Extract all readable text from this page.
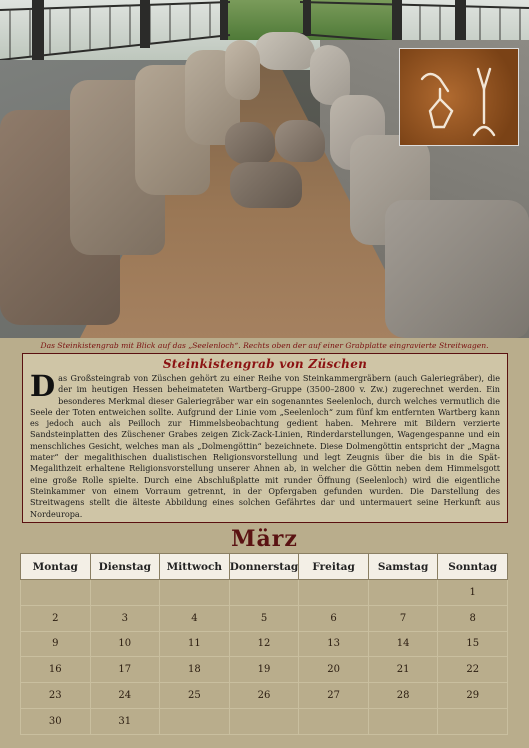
Das Steinkistengrab mit Blick auf das „Seelenloch“. Rechts oben der auf einer Grabplatte eingravierte Streitwagen.
Steinkistengrab von Züschen
Das Großsteingrab von Züschen gehört zu einer Reihe von Steinkammergräbern (auch Galeriegräber), die der im heutigen Hessen beheimateten Wartberg–Gruppe (3500–2800 v. Zw.) zugerechnet werden. Ein besonderes Merkmal dieser Galeriegräber war ein sogenanntes Seelenloch, durch welches vermutlich die Seele der Toten entweichen sollte. Aufgrund der Linie vom „Seelenloch“ zum fünf km entfernten Wartberg kann es jedoch auch als Peilloch zur Himmelsbeobachtung gedient haben. Mehrere mit Bildern verzierte Sandsteinplatten des Züschener Grabes zeigen Zick-Zack-Linien, Rinderdarstellungen, Wagengespanne und ein menschliches Gesicht, welches man als „Dolmengöttin“ bezeichnete. Diese Dolmengöttin entspricht der „Magna mater“ der megalithischen dualistischen Religionsvorstellung und legt Zeugnis über die bis in die Spät-Megalithzeit erhaltene Religionsvorstellung unserer Ahnen ab, in welcher die Göttin neben dem Himmelsgott eine große Rolle spielte. Durch eine Abschlußplatte mit runder Öffnung (Seelenloch) wird die eigentliche Steinkammer von einem Vorraum getrennt, in der Opfergaben gefunden wurden. Die Darstellung des Streitwagens stellt die älteste Abbildung eines solchen Gefährtes dar und untermauert seine Herkunft aus Nordeuropa.
März
Montag	Dienstag	Mittwoch	Donnerstag	Freitag	Samstag	Sonntag
						1
2	3	4	5	6	7	8
9	10	11	12	13	14	15
16	17	18	19	20	21	22
23	24	25	26	27	28	29
30	31					
